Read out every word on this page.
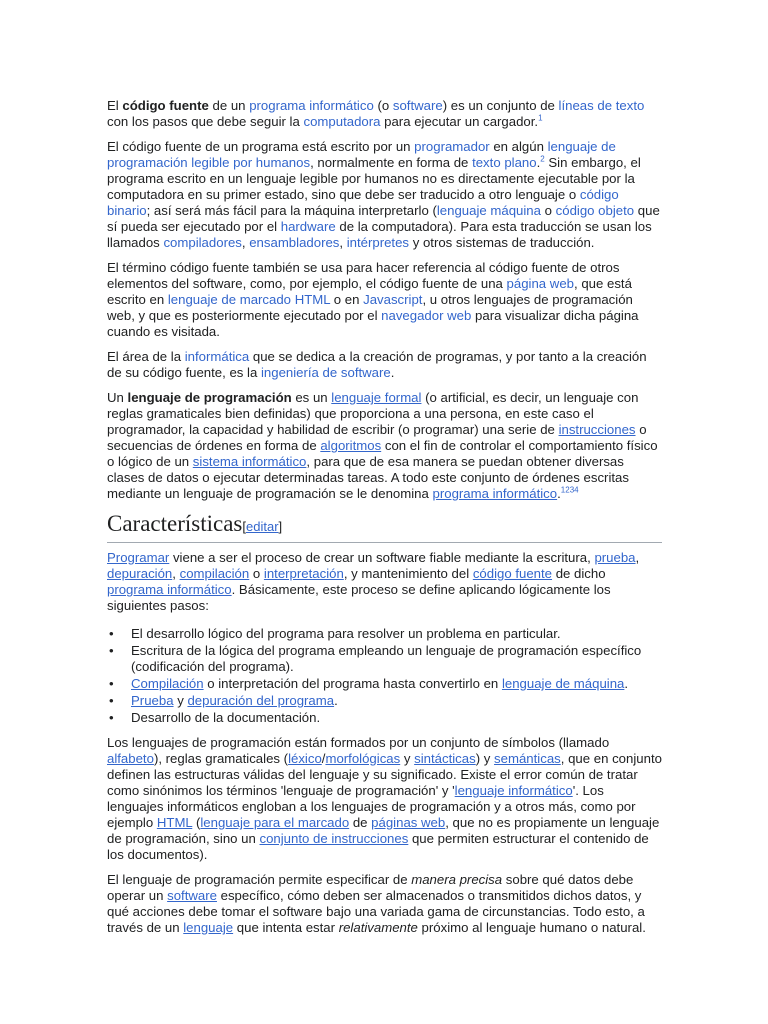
El código fuente de un programa informático (o software) es un conjunto de líneas de texto con los pasos que debe seguir la computadora para ejecutar un cargador.$^1$

El código fuente de un programa está escrito por un programador en algún lenguaje de programación legible por humanos, normalmente en forma de texto plano.$^2$ Sin embargo, el programa escrito en un lenguaje legible por humanos no es directamente ejecutable por la computadora en su primer estado, sino que debe ser traducido a otro lenguaje o código binario; así será más fácil para la máquina interpretarlo (lenguaje máquina o código objeto que sí pueda ser ejecutado por el hardware de la computadora). Para esta traducción se usan los llamados compiladores, ensambladores, intérpretes y otros sistemas de traducción.

El término código fuente también se usa para hacer referencia al código fuente de otros elementos del software, como, por ejemplo, el código fuente de una página web, que está escrito en lenguaje de marcado HTML o en Javascript, u otros lenguajes de programación web, y que es posteriormente ejecutado por el navegador web para visualizar dicha página cuando es visitada.

El área de la informática que se dedica a la creación de programas, y por tanto a la creación de su código fuente, es la ingeniería de software.

Un lenguaje de programación es un lenguaje formal (o artificial, es decir, un lenguaje con reglas gramaticales bien definidas) que proporciona a una persona, en este caso el programador, la capacidad y habilidad de escribir (o programar) una serie de instrucciones o secuencias de órdenes en forma de algoritmos con el fin de controlar el comportamiento físico o lógico de un sistema informático, para que de esa manera se puedan obtener diversas clases de datos o ejecutar determinadas tareas. A todo este conjunto de órdenes escritas mediante un lenguaje de programación se le denomina programa informático.$^{1234}$

Características[editar]

Programar viene a ser el proceso de crear un software fiable mediante la escritura, prueba, depuración, compilación o interpretación, y mantenimiento del código fuente de dicho programa informático. Básicamente, este proceso se define aplicando lógicamente los siguientes pasos:

• El desarrollo lógico del programa para resolver un problema en particular.
• Escritura de la lógica del programa empleando un lenguaje de programación específico (codificación del programa).
• Compilación o interpretación del programa hasta convertirlo en lenguaje de máquina.
• Prueba y depuración del programa.
• Desarrollo de la documentación.

Los lenguajes de programación están formados por un conjunto de símbolos (llamado alfabeto), reglas gramaticales (léxico/morfológicas y sintácticas) y semánticas, que en conjunto definen las estructuras válidas del lenguaje y su significado. Existe el error común de tratar como sinónimos los términos 'lenguaje de programación' y 'lenguaje informático'. Los lenguajes informáticos engloban a los lenguajes de programación y a otros más, como por ejemplo HTML (lenguaje para el marcado de páginas web, que no es propiamente un lenguaje de programación, sino un conjunto de instrucciones que permiten estructurar el contenido de los documentos).

El lenguaje de programación permite especificar de manera precisa sobre qué datos debe operar un software específico, cómo deben ser almacenados o transmitidos dichos datos, y qué acciones debe tomar el software bajo una variada gama de circunstancias. Todo esto, a través de un lenguaje que intenta estar relativamente próximo al lenguaje humano o natural.
